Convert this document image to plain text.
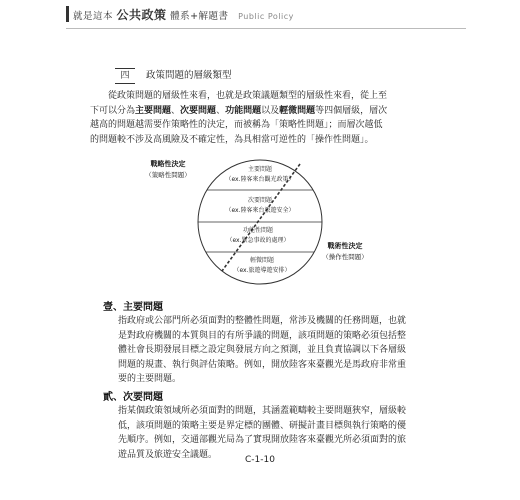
就是這本 公共政策 體系+解題書 Public Policy
四 政策問題的層級類型
從政策問題的層級性來看，也就是政策議題類型的層級性來看，從上至
下可以分為主要問題、次要問題、功能問題以及輕微問題等四個層級，層次
越高的問題越需要作策略性的決定，而被稱為「策略性問題」；而層次越低
的問題較不涉及高風險及不確定性，為具相當可逆性的「操作性問題」。
主要問題
（ex.陸客來台觀光政策）
次要問題
（ex.陸客來台旅遊安全）
功能性問題
（ex.緊急事故的處理）
輕微問題
（ex.旅遊導遊安排）
戰略性決定
（策略性問題）
戰術性決定
（操作性問題）
壹、主要問題
指政府或公部門所必須面對的整體性問題，常涉及機關的任務問題，也就
是對政府機關的本質與目的有所爭議的問題，該項問題的策略必須包括整
體社會長期發展目標之設定與發展方向之預測，並且負責協調以下各層級
問題的規畫、執行與評估策略。例如，開放陸客來臺觀光是馬政府非常重
要的主要問題。
貳、次要問題
指某個政策領域所必須面對的問題，其涵蓋範疇較主要問題狹窄，層級較
低，該項問題的策略主要是界定標的團體、研擬計畫目標與執行策略的優
先順序。例如，交通部觀光局為了實現開放陸客來臺觀光所必須面對的旅
遊品質及旅遊安全議題。
C-1-10
